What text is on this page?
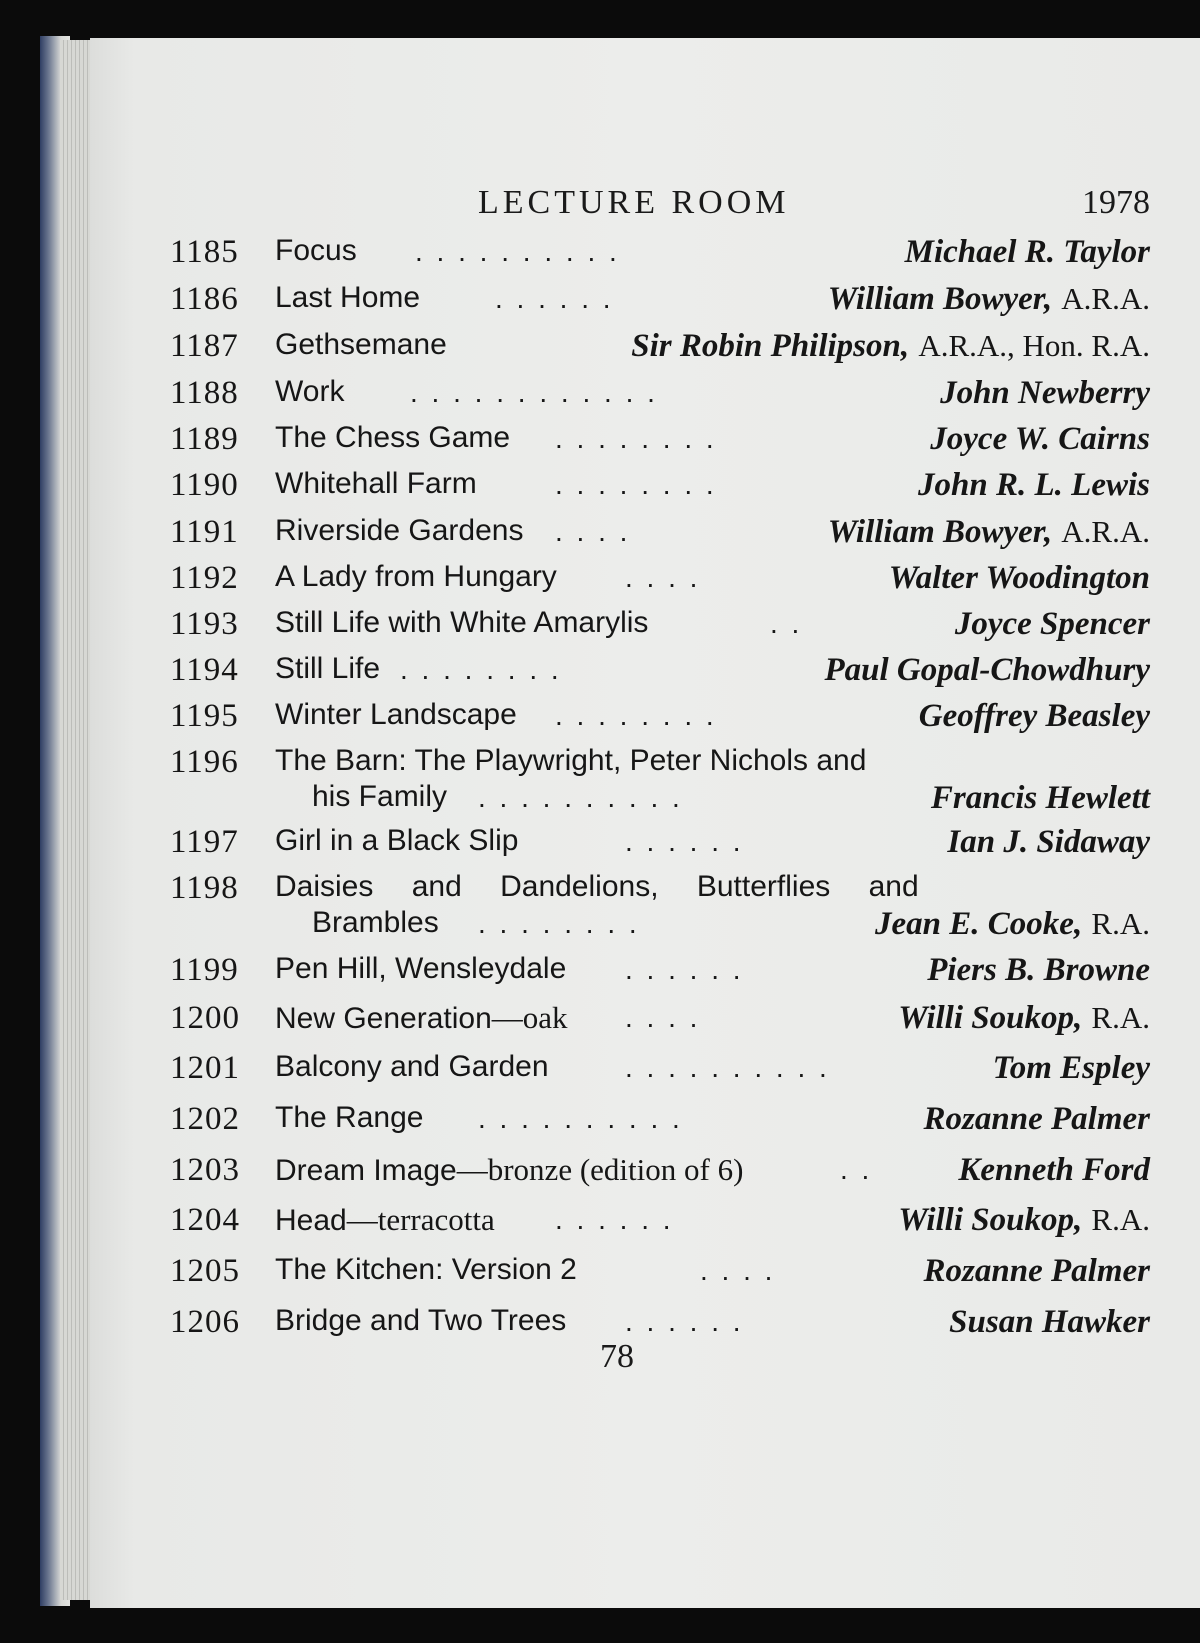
LECTURE ROOM	1978
1185	Focus . . . . . . . . . .	Michael R. Taylor
1186	Last Home	. . . . . .	William Bowyer, A.R.A.
1187	Gethsemane	Sir Robin Philipson, A.R.A., Hon. R.A.
1188	Work . . . . . . . . . . . .	John Newberry
1189	The Chess Game . . . . . . . .	Joyce W. Cairns
1190	Whitehall Farm	. . . . . . . .	John R. L. Lewis
1191	Riverside Gardens . . . .	William Bowyer, A.R.A.
1192	A Lady from Hungary . . . .	Walter Woodington
1193	Still Life with White Amarylis	. .	Joyce Spencer
1194	Still Life . . . . . . . .	Paul Gopal-Chowdhury
1195	Winter Landscape . . . . . . . .	Geoffrey Beasley
1196	The Barn: The Playwright, Peter Nichols and
his Family . . . . . . . . . .	Francis Hewlett
1197	Girl in a Black Slip	. . . . . .	Ian J. Sidaway
1198	Daisies and Dandelions, Butterflies and
Brambles . . . . . . . .	Jean E. Cooke, R.A.
1199	Pen Hill, Wensleydale . . . . . .	Piers B. Browne
1200	New Generation—oak . . . .	Willi Soukop, R.A.
1201	Balcony and Garden	. . . . . . . . . .	Tom Espley
1202	The Range . . . . . . . . . .	Rozanne Palmer
1203	Dream Image—bronze (edition of 6)	. .	Kenneth Ford
1204	Head—terracotta . . . . . .	Willi Soukop, R.A.
1205	The Kitchen: Version 2	. . . .	Rozanne Palmer
1206	Bridge and Two Trees . . . . . .	Susan Hawker
78
